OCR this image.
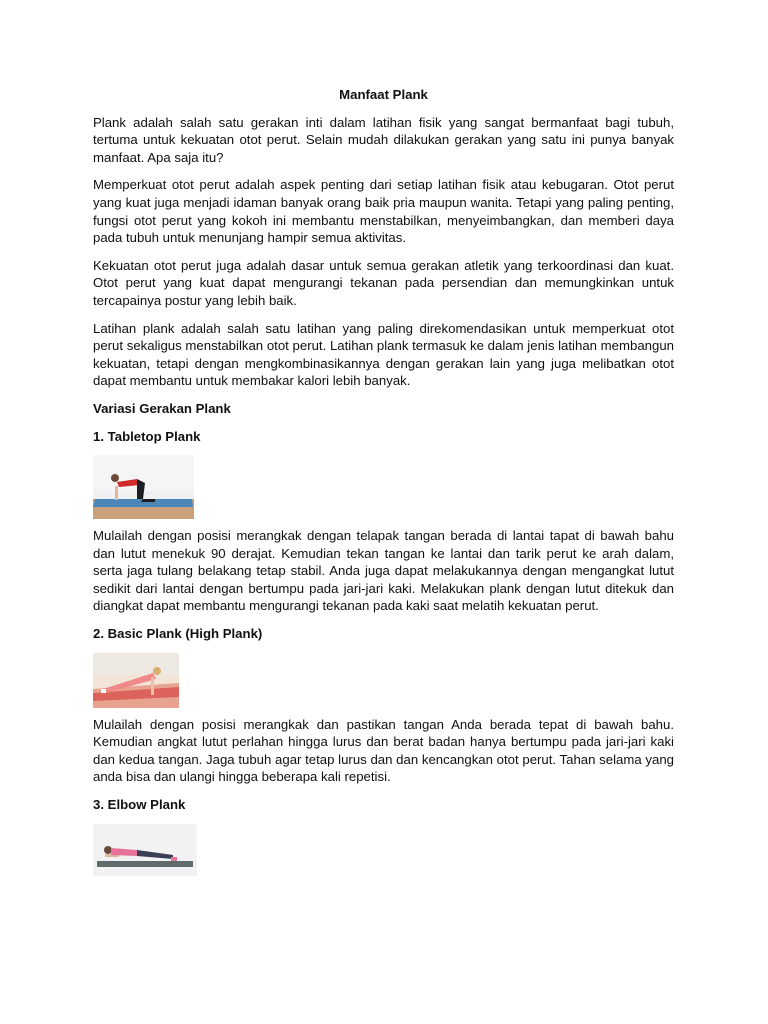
Manfaat Plank

Plank adalah salah satu gerakan inti dalam latihan fisik yang sangat bermanfaat bagi tubuh, tertuma untuk kekuatan otot perut. Selain mudah dilakukan gerakan yang satu ini punya banyak manfaat. Apa saja itu?

Memperkuat otot perut adalah aspek penting dari setiap latihan fisik atau kebugaran. Otot perut yang kuat juga menjadi idaman banyak orang baik pria maupun wanita. Tetapi yang paling penting, fungsi otot perut yang kokoh ini membantu menstabilkan, menyeimbangkan, dan memberi daya pada tubuh untuk menunjang hampir semua aktivitas.

Kekuatan otot perut juga adalah dasar untuk semua gerakan atletik yang terkoordinasi dan kuat. Otot perut yang kuat dapat mengurangi tekanan pada persendian dan memungkinkan untuk tercapainya postur yang lebih baik.

Latihan plank adalah salah satu latihan yang paling direkomendasikan untuk memperkuat otot perut sekaligus menstabilkan otot perut. Latihan plank termasuk ke dalam jenis latihan membangun kekuatan, tetapi dengan mengkombinasikannya dengan gerakan lain yang juga melibatkan otot dapat membantu untuk membakar kalori lebih banyak.

Variasi Gerakan Plank
1. Tabletop Plank

Mulailah dengan posisi merangkak dengan telapak tangan berada di lantai tapat di bawah bahu dan lutut menekuk 90 derajat. Kemudian tekan tangan ke lantai dan tarik perut ke arah dalam, serta jaga tulang belakang tetap stabil. Anda juga dapat melakukannya dengan mengangkat lutut sedikit dari lantai dengan bertumpu pada jari-jari kaki. Melakukan plank dengan lutut ditekuk dan diangkat dapat membantu mengurangi tekanan pada kaki saat melatih kekuatan perut.

2. Basic Plank (High Plank)

Mulailah dengan posisi merangkak dan pastikan tangan Anda berada tepat di bawah bahu. Kemudian angkat lutut perlahan hingga lurus dan berat badan hanya bertumpu pada jari-jari kaki dan kedua tangan. Jaga tubuh agar tetap lurus dan dan kencangkan otot perut. Tahan selama yang anda bisa dan ulangi hingga beberapa kali repetisi.

3. Elbow Plank
